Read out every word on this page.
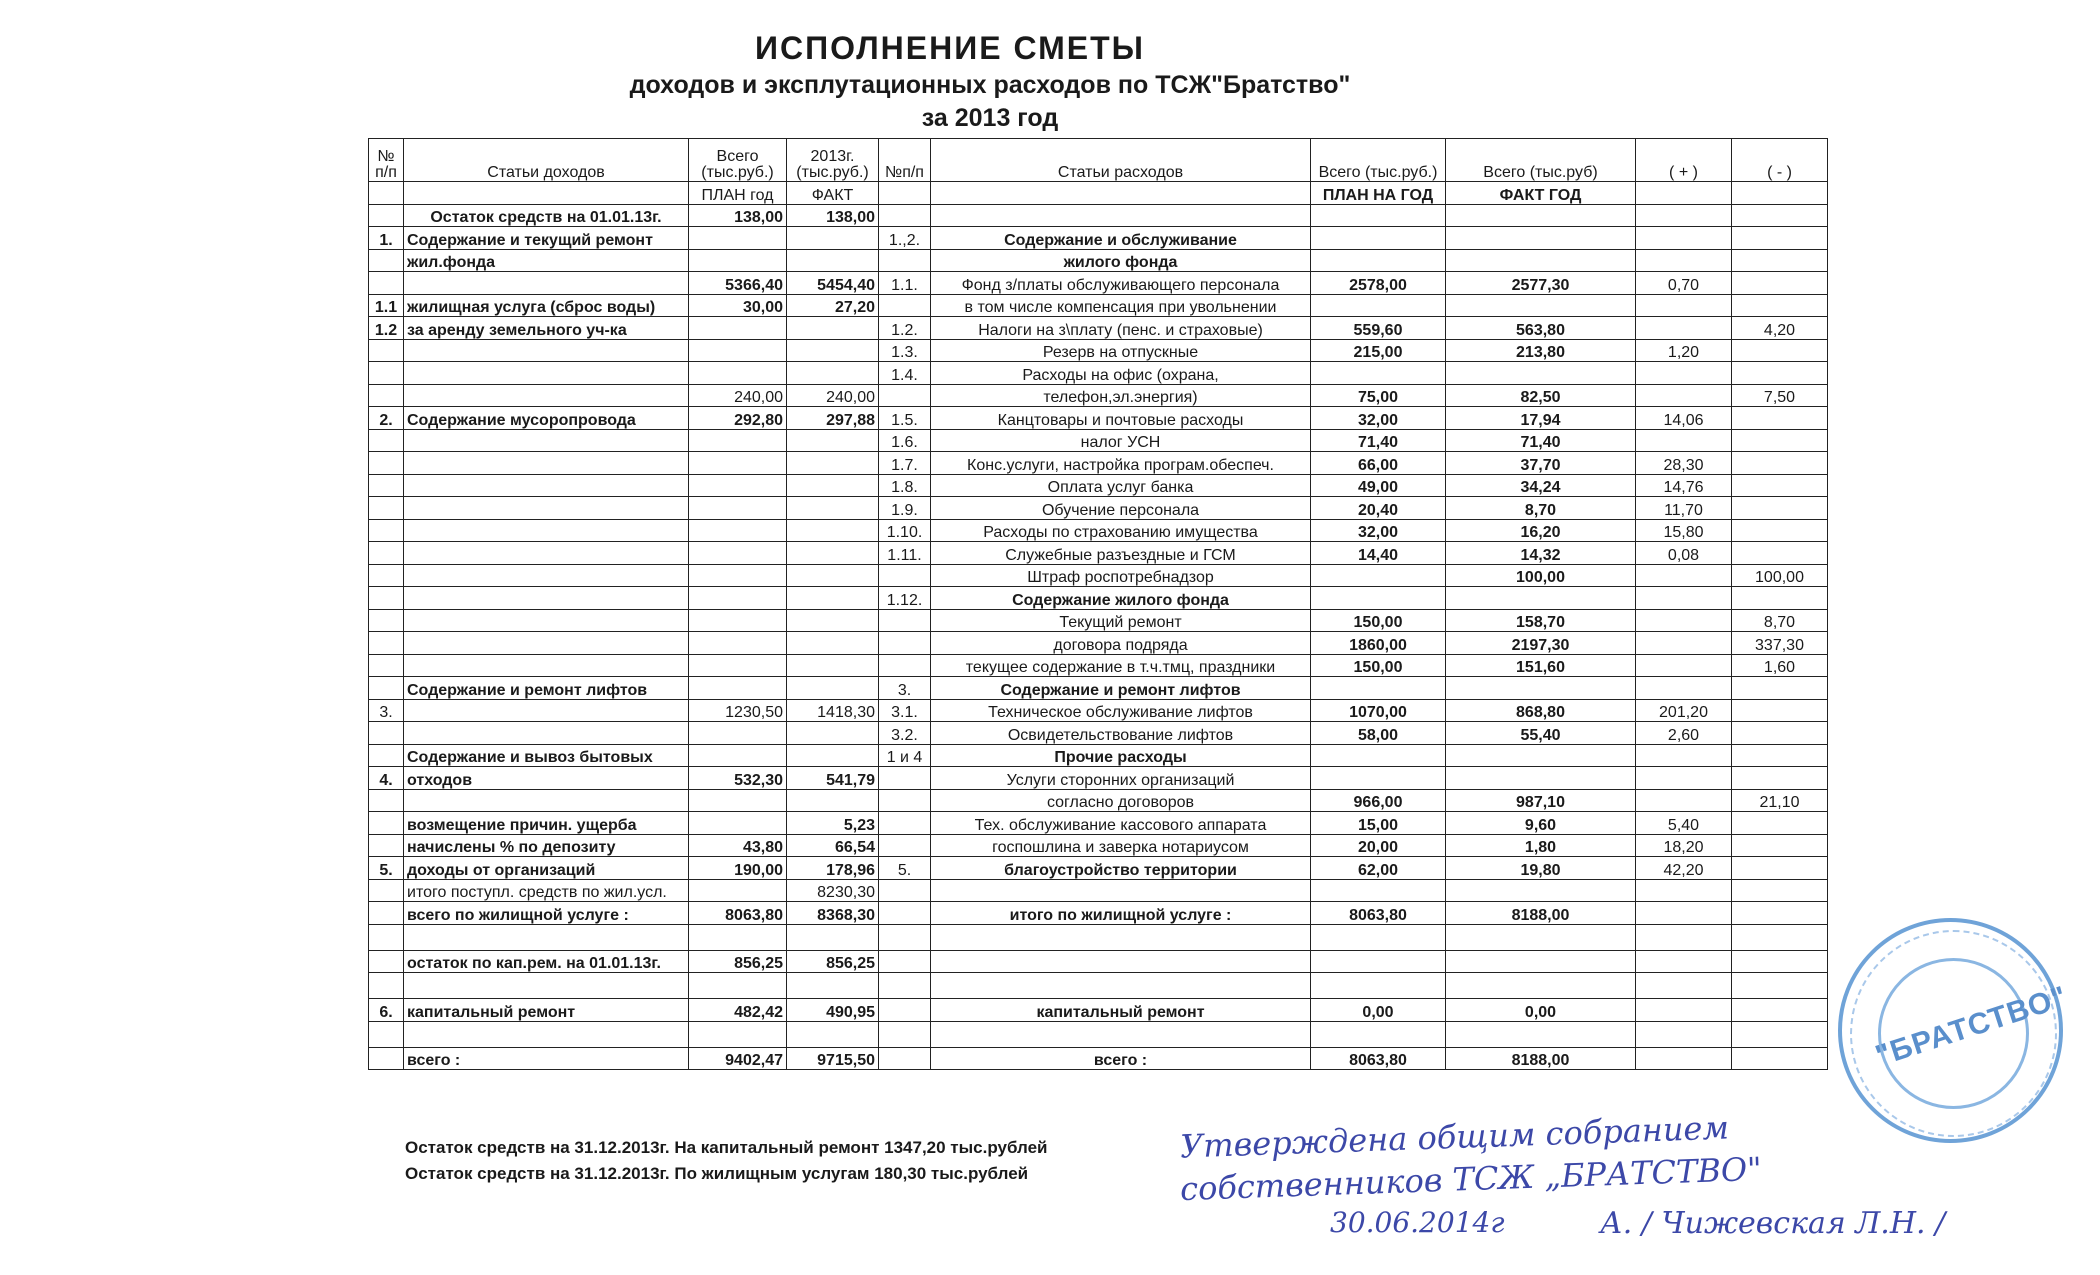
ИСПОЛНЕНИЕ СМЕТЫ
доходов и эксплутационных расходов по ТСЖ"Братство"
за 2013 год
№ п/п	Статьи доходов	Всего (тыс.руб.)	2013г. (тыс.руб.)	№п/п	Статьи расходов	Всего (тыс.руб.)	Всего (тыс.руб)	( + )	( - )
		ПЛАН год	ФАКТ			ПЛАН НА ГОД	ФАКТ ГОД		
	Остаток средств на 01.01.13г.	138,00	138,00						
1.	Содержание и текущий ремонт			1.,2.	Содержание и обслуживание				
	жил.фонда				жилого фонда				
		5366,40	5454,40	1.1.	Фонд з/платы обслуживающего персонала	2578,00	2577,30	0,70	
1.1	жилищная услуга (сброс воды)	30,00	27,20		в том числе компенсация при увольнении				
1.2	за аренду земельного уч-ка			1.2.	Налоги на з\плату (пенс. и страховые)	559,60	563,80		4,20
				1.3.	Резерв на отпускные	215,00	213,80	1,20	
				1.4.	Расходы на офис (охрана,				
		240,00	240,00		телефон,эл.энергия)	75,00	82,50		7,50
2.	Содержание мусоропровода	292,80	297,88	1.5.	Канцтовары и почтовые расходы	32,00	17,94	14,06	
				1.6.	налог УСН	71,40	71,40		
				1.7.	Конс.услуги, настройка програм.обеспеч.	66,00	37,70	28,30	
				1.8.	Оплата услуг банка	49,00	34,24	14,76	
				1.9.	Обучение персонала	20,40	8,70	11,70	
				1.10.	Расходы по страхованию имущества	32,00	16,20	15,80	
				1.11.	Служебные разъездные и ГСМ	14,40	14,32	0,08	
					Штраф роспотребнадзор		100,00		100,00
				1.12.	Содержание жилого фонда				
					Текущий ремонт	150,00	158,70		8,70
					договора подряда	1860,00	2197,30		337,30
					текущее содержание в т.ч.тмц, праздники	150,00	151,60		1,60
	Содержание и ремонт лифтов			3.	Содержание и ремонт лифтов				
3.		1230,50	1418,30	3.1.	Техническое обслуживание лифтов	1070,00	868,80	201,20	
				3.2.	Освидетельствование лифтов	58,00	55,40	2,60	
	Содержание и вывоз бытовых			1 и 4	Прочие расходы				
4.	отходов	532,30	541,79		Услуги сторонних организаций				
					согласно договоров	966,00	987,10		21,10
	возмещение причин. ущерба		5,23		Тех. обслуживание кассового аппарата	15,00	9,60	5,40	
	начислены % по депозиту	43,80	66,54		госпошлина и заверка нотариусом	20,00	1,80	18,20	
5.	доходы от организаций	190,00	178,96	5.	благоустройство территории	62,00	19,80	42,20	
	итого поступл. средств по жил.усл.		8230,30						
	всего по жилищной услуге :	8063,80	8368,30		итого по жилищной услуге :	8063,80	8188,00		

	остаток по кап.рем. на 01.01.13г.	856,25	856,25						

6.	капитальный ремонт	482,42	490,95		капитальный ремонт	0,00	0,00		

	всего :	9402,47	9715,50		всего :	8063,80	8188,00		
Остаток средств на 31.12.2013г. На капитальный ремонт 1347,20 тыс.рублей
Остаток средств на 31.12.2013г. По жилищным услугам 180,30 тыс.рублей
Утверждена общим собранием
собственников ТСЖ „БРАТСТВО"
30.06.2014г	А. / Чижевская Л.Н. /
"БРАТСТВО"
